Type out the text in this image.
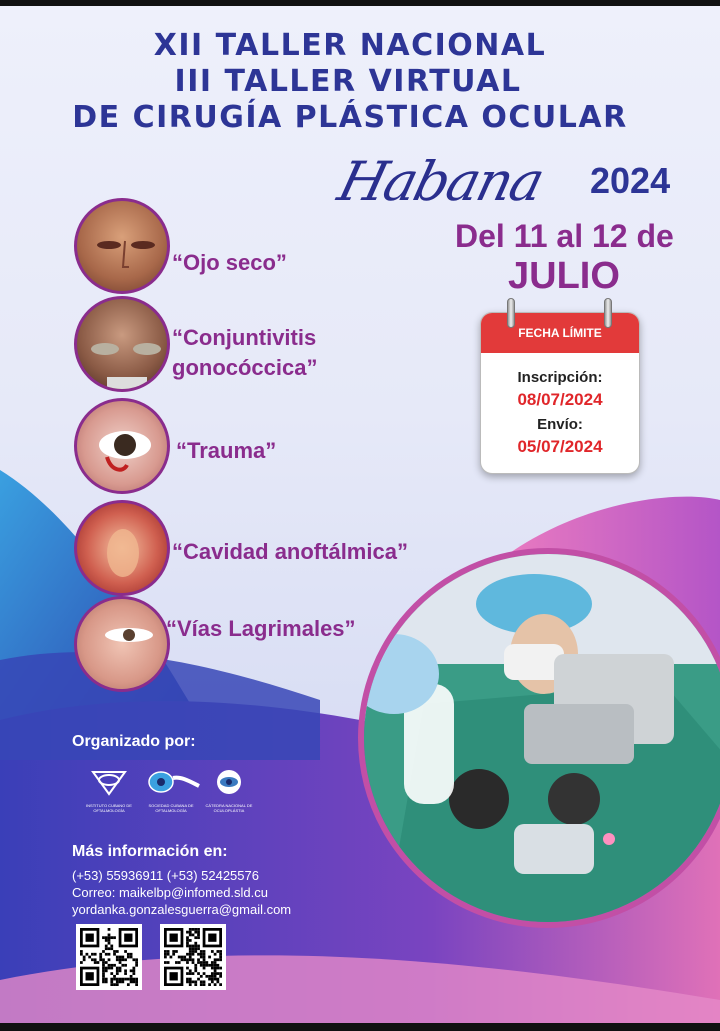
XII TALLER NACIONAL
III TALLER VIRTUAL
DE CIRUGÍA PLÁSTICA OCULAR
Habana 2024
Del 11 al 12 de
JULIO
FECHA LÍMITE
Inscripción:
08/07/2024
Envío:
05/07/2024
“Ojo seco”
“Conjuntivitis gonocóccica”
“Trauma”
“Cavidad anoftálmica”
“Vías Lagrimales”
Organizado por:
INSTITUTO CUBANO DE OFTALMOLOGÍA
SOCIEDAD CUBANA DE OFTALMOLOGÍA
CÁTEDRA NACIONAL DE OCULOPLÁSTIA
Más información en:
(+53) 55936911 (+53) 52425576
Correo: maikelbp@infomed.sld.cu
yordanka.gonzalesguerra@gmail.com
